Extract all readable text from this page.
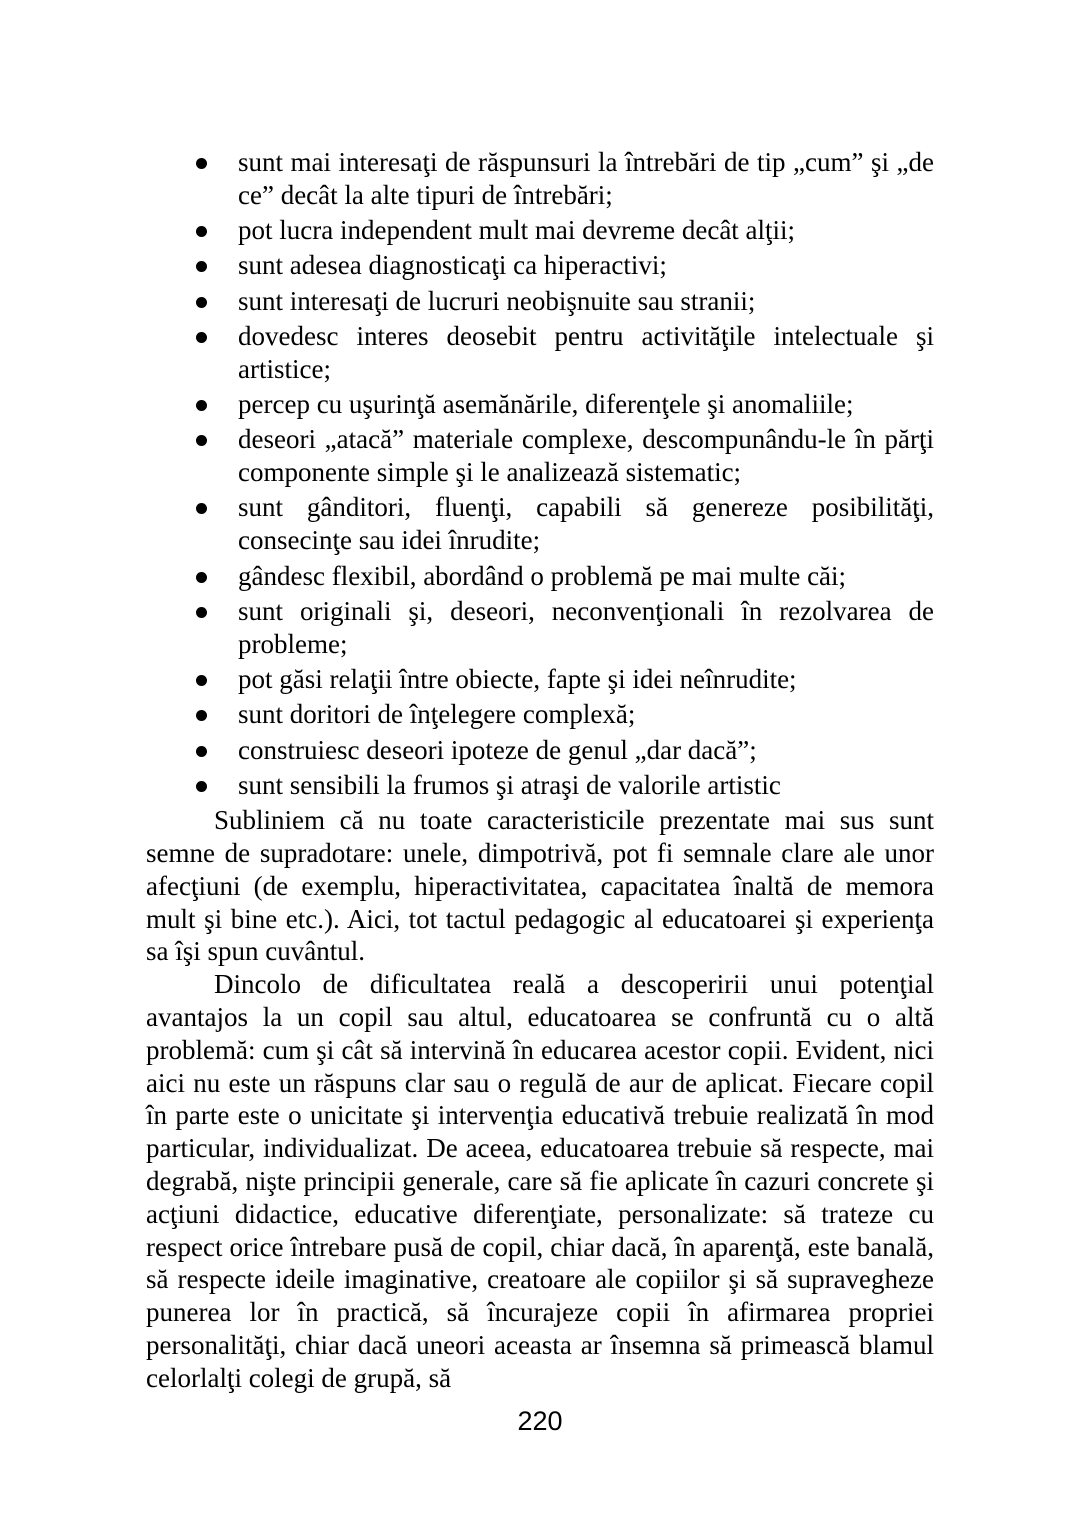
sunt mai interesaţi de răspunsuri la întrebări de tip „cum” şi „de ce” decât la alte tipuri de întrebări;
pot lucra independent mult mai devreme decât alţii;
sunt adesea diagnosticaţi ca hiperactivi;
sunt interesaţi de lucruri neobişnuite sau stranii;
dovedesc interes deosebit pentru activităţile intelectuale şi artistice;
percep cu uşurinţă asemănările, diferenţele şi anomaliile;
deseori „atacă” materiale complexe, descompunându-le în părţi componente simple şi le analizează sistematic;
sunt gânditori, fluenţi, capabili să genereze posibilităţi, consecinţe sau idei înrudite;
gândesc flexibil, abordând o problemă pe mai multe căi;
sunt originali şi, deseori, neconvenţionali în rezolvarea de probleme;
pot găsi relaţii între obiecte, fapte şi idei neînrudite;
sunt doritori de înţelegere complexă;
construiesc deseori ipoteze de genul „dar dacă”;
sunt sensibili la frumos şi atraşi de valorile artistic

Subliniem că nu toate caracteristicile prezentate mai sus sunt semne de supradotare: unele, dimpotrivă, pot fi semnale clare ale unor afecţiuni (de exemplu, hiperactivitatea, capacitatea înaltă de memora mult şi bine etc.). Aici, tot tactul pedagogic al educatoarei şi experienţa sa îşi spun cuvântul.

Dincolo de dificultatea reală a descoperirii unui potenţial avantajos la un copil sau altul, educatoarea se confruntă cu o altă problemă: cum şi cât să intervină în educarea acestor copii. Evident, nici aici nu este un răspuns clar sau o regulă de aur de aplicat. Fiecare copil în parte este o unicitate şi intervenţia educativă trebuie realizată în mod particular, individualizat. De aceea, educatoarea trebuie să respecte, mai degrabă, nişte principii generale, care să fie aplicate în cazuri concrete şi acţiuni didactice, educative diferenţiate, personalizate: să trateze cu respect orice întrebare pusă de copil, chiar dacă, în aparenţă, este banală, să respecte ideile imaginative, creatoare ale copiilor şi să supravegheze punerea lor în practică, să încurajeze copii în afirmarea propriei personalităţi, chiar dacă uneori aceasta ar însemna să primească blamul celorlalţi colegi de grupă, să

220
